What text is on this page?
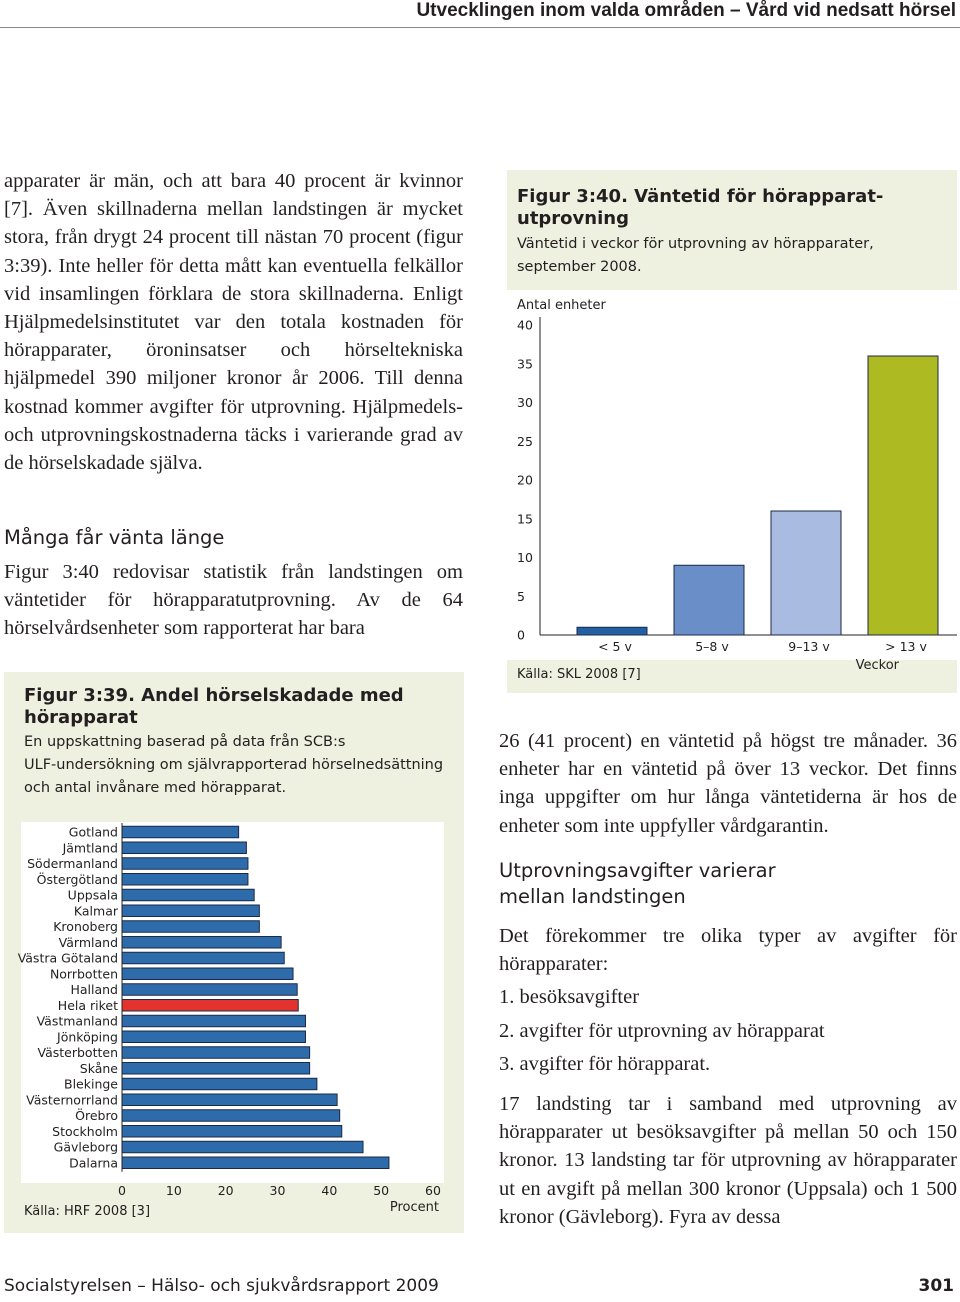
Utvecklingen inom valda områden – Vård vid nedsatt hörsel
apparater är män, och att bara 40 procent är kvinnor [7]. Även skillnaderna mellan landstingen är mycket stora, från drygt 24 procent till nästan 70 procent (figur 3:39). Inte heller för detta mått kan eventuella felkällor vid insamlingen förklara de stora skillnaderna. Enligt Hjälpmedelsinstitutet var den totala kostnaden för hörapparater, öroninsatser och hörseltekniska hjälpmedel 390 miljoner kronor år 2006. Till denna kostnad kommer avgifter för utprovning. Hjälpmedels- och utprovningskostnaderna täcks i varierande grad av de hörselskadade själva.
Många får vänta länge
Figur 3:40 redovisar statistik från landstingen om väntetider för hörapparatutprovning. Av de 64 hörselvårdsenheter som rapporterat har bara
Figur 3:39. Andel hörselskadade med
hörapparat
En uppskattning baserad på data från SCB:s
ULF-undersökning om självrapporterad hörselnedsättning
och antal invånare med hörapparat.
Gotland
Jämtland
Södermanland
Östergötland
Uppsala
Kalmar
Kronoberg
Värmland
Västra Götaland
Norrbotten
Halland
Hela riket
Västmanland
Jönköping
Västerbotten
Skåne
Blekinge
Västernorrland
Örebro
Stockholm
Gävleborg
Dalarna
0	10	20	30	40	50	60
Procent
Källa: HRF 2008 [3]
Figur 3:40. Väntetid för hörapparat-
utprovning
Väntetid i veckor för utprovning av hörapparater,
september 2008.
Antal enheter
0
5
10
15
20
25
30
35
40
< 5 v	5–8 v	9–13 v	> 13 v
Veckor
Källa: SKL 2008 [7]
26 (41 procent) en väntetid på högst tre månader. 36 enheter har en väntetid på över 13 veckor. Det finns inga uppgifter om hur långa väntetiderna är hos de enheter som inte uppfyller vårdgarantin.
Utprovningsavgifter varierar
mellan landstingen
Det förekommer tre olika typer av avgifter för hörapparater:
1. besöksavgifter
2. avgifter för utprovning av hörapparat
3. avgifter för hörapparat.
17 landsting tar i samband med utprovning av hörapparater ut besöksavgifter på mellan 50 och 150 kronor. 13 landsting tar för utprovning av hörapparater ut en avgift på mellan 300 kronor (Uppsala) och 1 500 kronor (Gävleborg). Fyra av dessa
Socialstyrelsen – Hälso- och sjukvårdsrapport 2009	301
